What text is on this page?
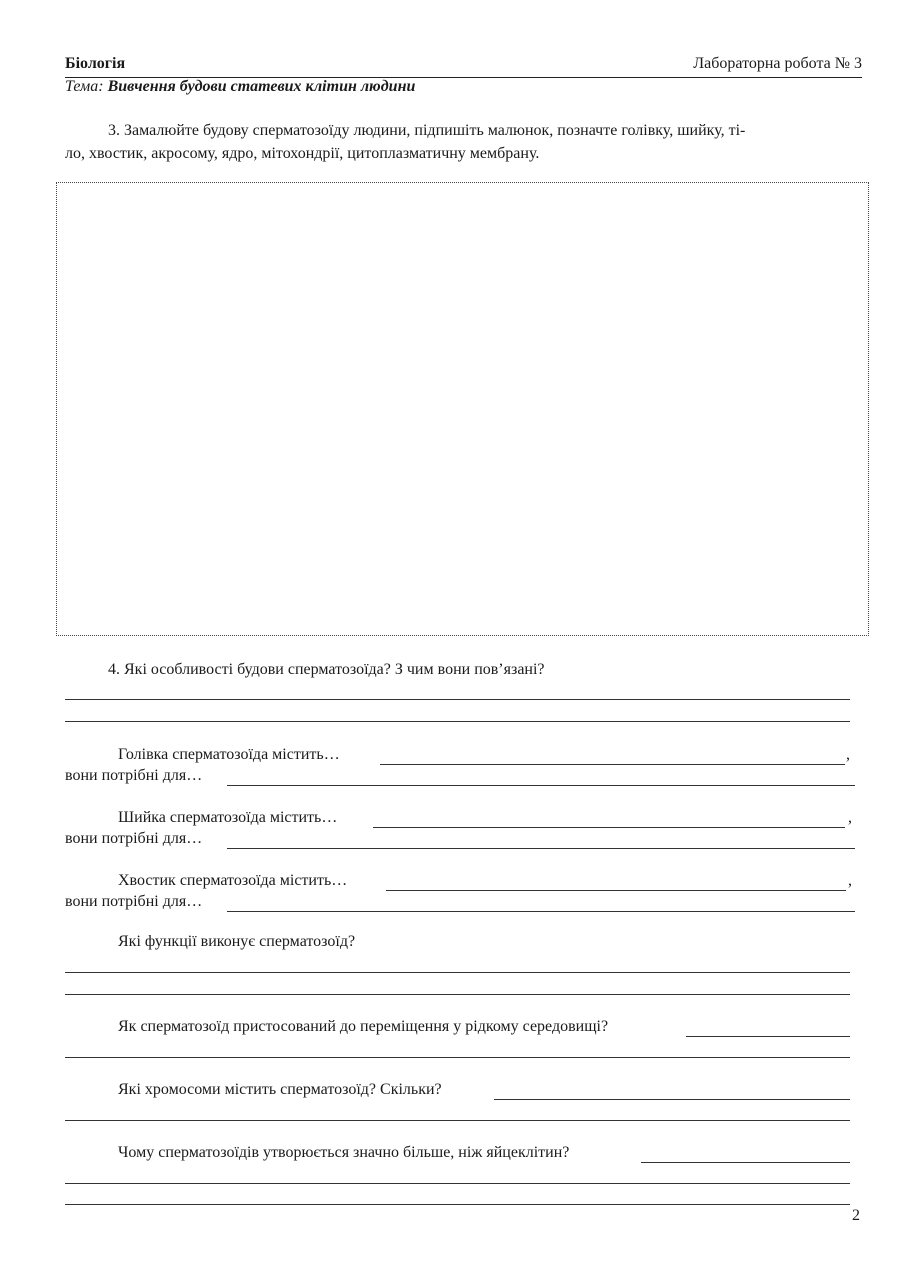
Біологія	Лабораторна робота № 3
Тема: Вивчення будови статевих клітин людини
3. Замалюйте будову сперматозоїду людини, підпишіть малюнок, позначте голівку, шийку, ті-
ло, хвостик, акросому, ядро, мітохондрії, цитоплазматичну мембрану.
4. Які особливості будови сперматозоїда? З чим вони пов’язані?
Голівка сперматозоїда містить…	,
вони потрібні для…
Шийка сперматозоїда містить…	,
вони потрібні для…
Хвостик сперматозоїда містить…	,
вони потрібні для…
Які функції виконує сперматозоїд?
Як сперматозоїд пристосований до переміщення у рідкому середовищі?
Які хромосоми містить сперматозоїд? Скільки?
Чому сперматозоїдів утворюється значно більше, ніж яйцеклітин?
2
